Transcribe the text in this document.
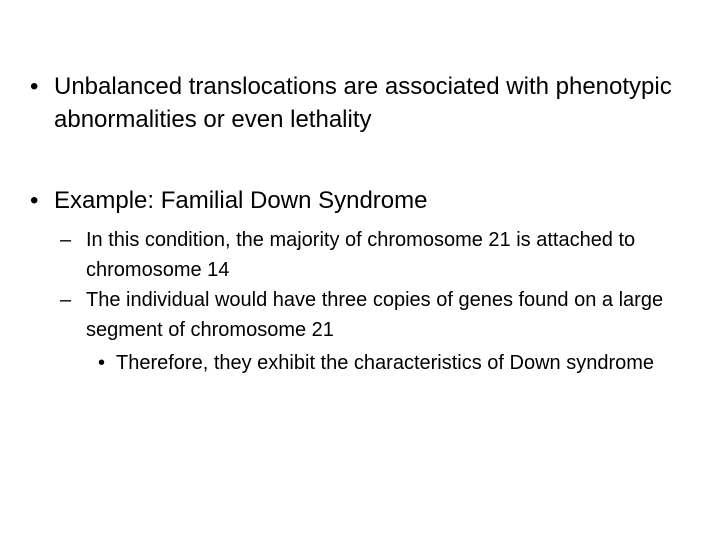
• Unbalanced translocations are associated with phenotypic abnormalities or even lethality
• Example: Familial Down Syndrome
– In this condition, the majority of chromosome 21 is attached to chromosome 14
– The individual would have three copies of genes found on a large segment of chromosome 21
• Therefore, they exhibit the characteristics of Down syndrome
